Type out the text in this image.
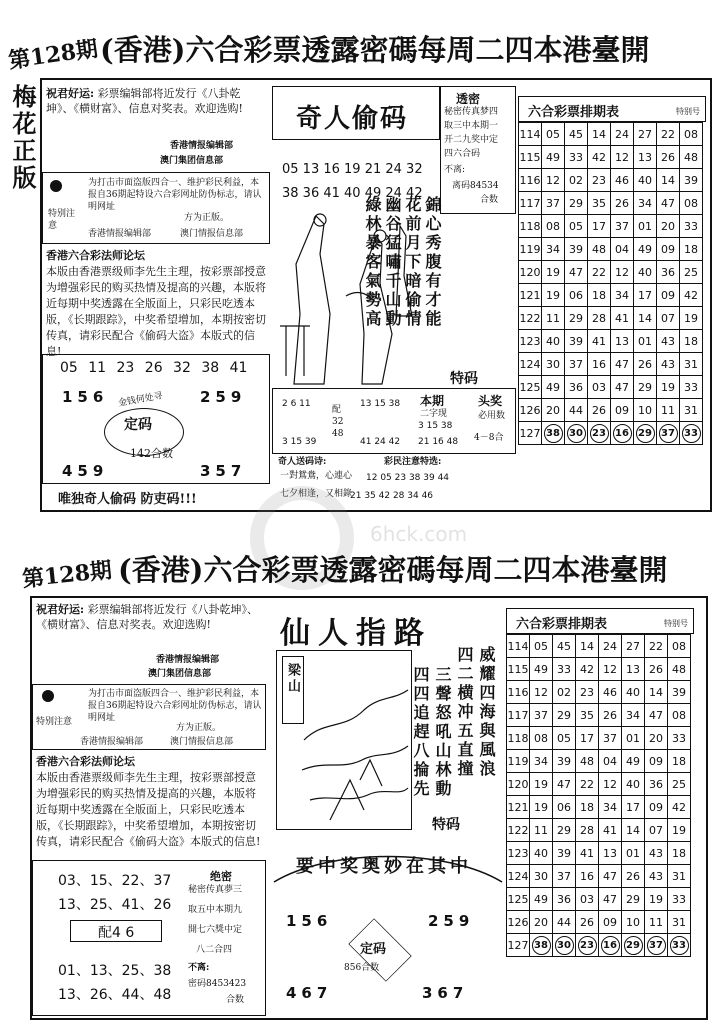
第128期 (香港)六合彩票透露密碼每周二四本港臺開
梅花正版 祝君好运: 彩票编辑部将近发行《八卦乾坤》、《横财富》、信息对奖表。欢迎选购!
香港情报编辑部
澳门集团信息部
特别注意
为打击市面盗版四合一、维护彩民利益，本报自36期起特设六合彩网址防伪标志，请认明网址
方为正版。
香港情报编辑部	澳门情报信息部
香港六合彩法师论坛
本版由香港票级师李先生主理，按彩票部授意为增强彩民的购买热情及提高的兴趣，本版将近每期中奖透露在全版面上，只彩民吃透本版，《长期跟踪》，中奖希望增加，本期按密切传真，请彩民配合《偷码大盗》本版式的信息!
05 11 23 26 32 38 41
156 金钱何处寻 259
定码
142合数
459	357
唯独奇人偷码 防吏码!!!
奇人偷码
05 13 16 19 21 24 32
38 36 41 40 49 24 42
錦心秀腹有才能
花前月下暗偷情
幽谷猛嘯千山動
綠林暴客氣勢高
特码
透密
秘密传真梦四
取三中本期一
开二九奖中定
四六合码
不离:
离码84534
合数
2 6 11
3 15 39
配32 48
13 15 38
41 24 42
本期
二字现
3 15 38
21 16 48
头奖
必用数
4－8合
奇人送码诗:
一對鴛鴦，心連心
七夕相逢，又相錄
彩民注意特选:
12 05 23 38 39 44
21 35 42 28 34 46
六合彩票排期表	特别号
114	05	45	14	24	27	22	08
115	49	33	42	12	13	26	48
116	12	02	23	46	40	14	39
117	37	29	35	26	34	47	08
118	08	05	17	37	01	20	33
119	34	39	48	04	49	09	18
120	19	47	22	12	40	36	25
121	19	06	18	34	17	09	42
122	11	29	28	41	14	07	19
123	40	39	41	13	01	43	18
124	30	37	16	47	26	43	31
125	49	36	03	47	29	19	33
126	20	44	26	09	10	11	31
127	38	30	23	16	29	37	33
6hck.com
第128期 (香港)六合彩票透露密碼每周二四本港臺開
祝君好运: 彩票编辑部将近发行《八卦乾坤》、《横财富》、信息对奖表。欢迎选购!
香港情报编辑部
澳门集团信息部
特别注意
为打击市面盗版四合一、维护彩民利益，本报自36期起特设六合彩网址防伪标志，请认明网址
方为正版。
香港情报编辑部	澳门情报信息部
香港六合彩法师论坛
本版由香港票级师李先生主理，按彩票部授意为增强彩民的购买热情及提高的兴趣，本版将近每期中奖透露在全版面上，只彩民吃透本版，《长期跟踪》，中奖希望增加，本期按密切传真，请彩民配合《偷码大盗》本版式的信息!
03、15、22、37
13、25、41、26
配4 6
01、13、25、38
13、26、44、48
绝密
秘密传真夢三
取五中本期九
開七六獎中定
八二合四
不离:
密码8453423
合数
仙人指路
梁山	威耀四海與風浪
四二横冲五直撞
三聲怒吼山林動
四四追趕八掄先
特码
要中奖奥妙在其中
156	259
定码
856合数
467	367
六合彩票排期表	特别号
114	05	45	14	24	27	22	08
115	49	33	42	12	13	26	48
116	12	02	23	46	40	14	39
117	37	29	35	26	34	47	08
118	08	05	17	37	01	20	33
119	34	39	48	04	49	09	18
120	19	47	22	12	40	36	25
121	19	06	18	34	17	09	42
122	11	29	28	41	14	07	19
123	40	39	41	13	01	43	18
124	30	37	16	47	26	43	31
125	49	36	03	47	29	19	33
126	20	44	26	09	10	11	31
127	38	30	23	16	29	37	33
